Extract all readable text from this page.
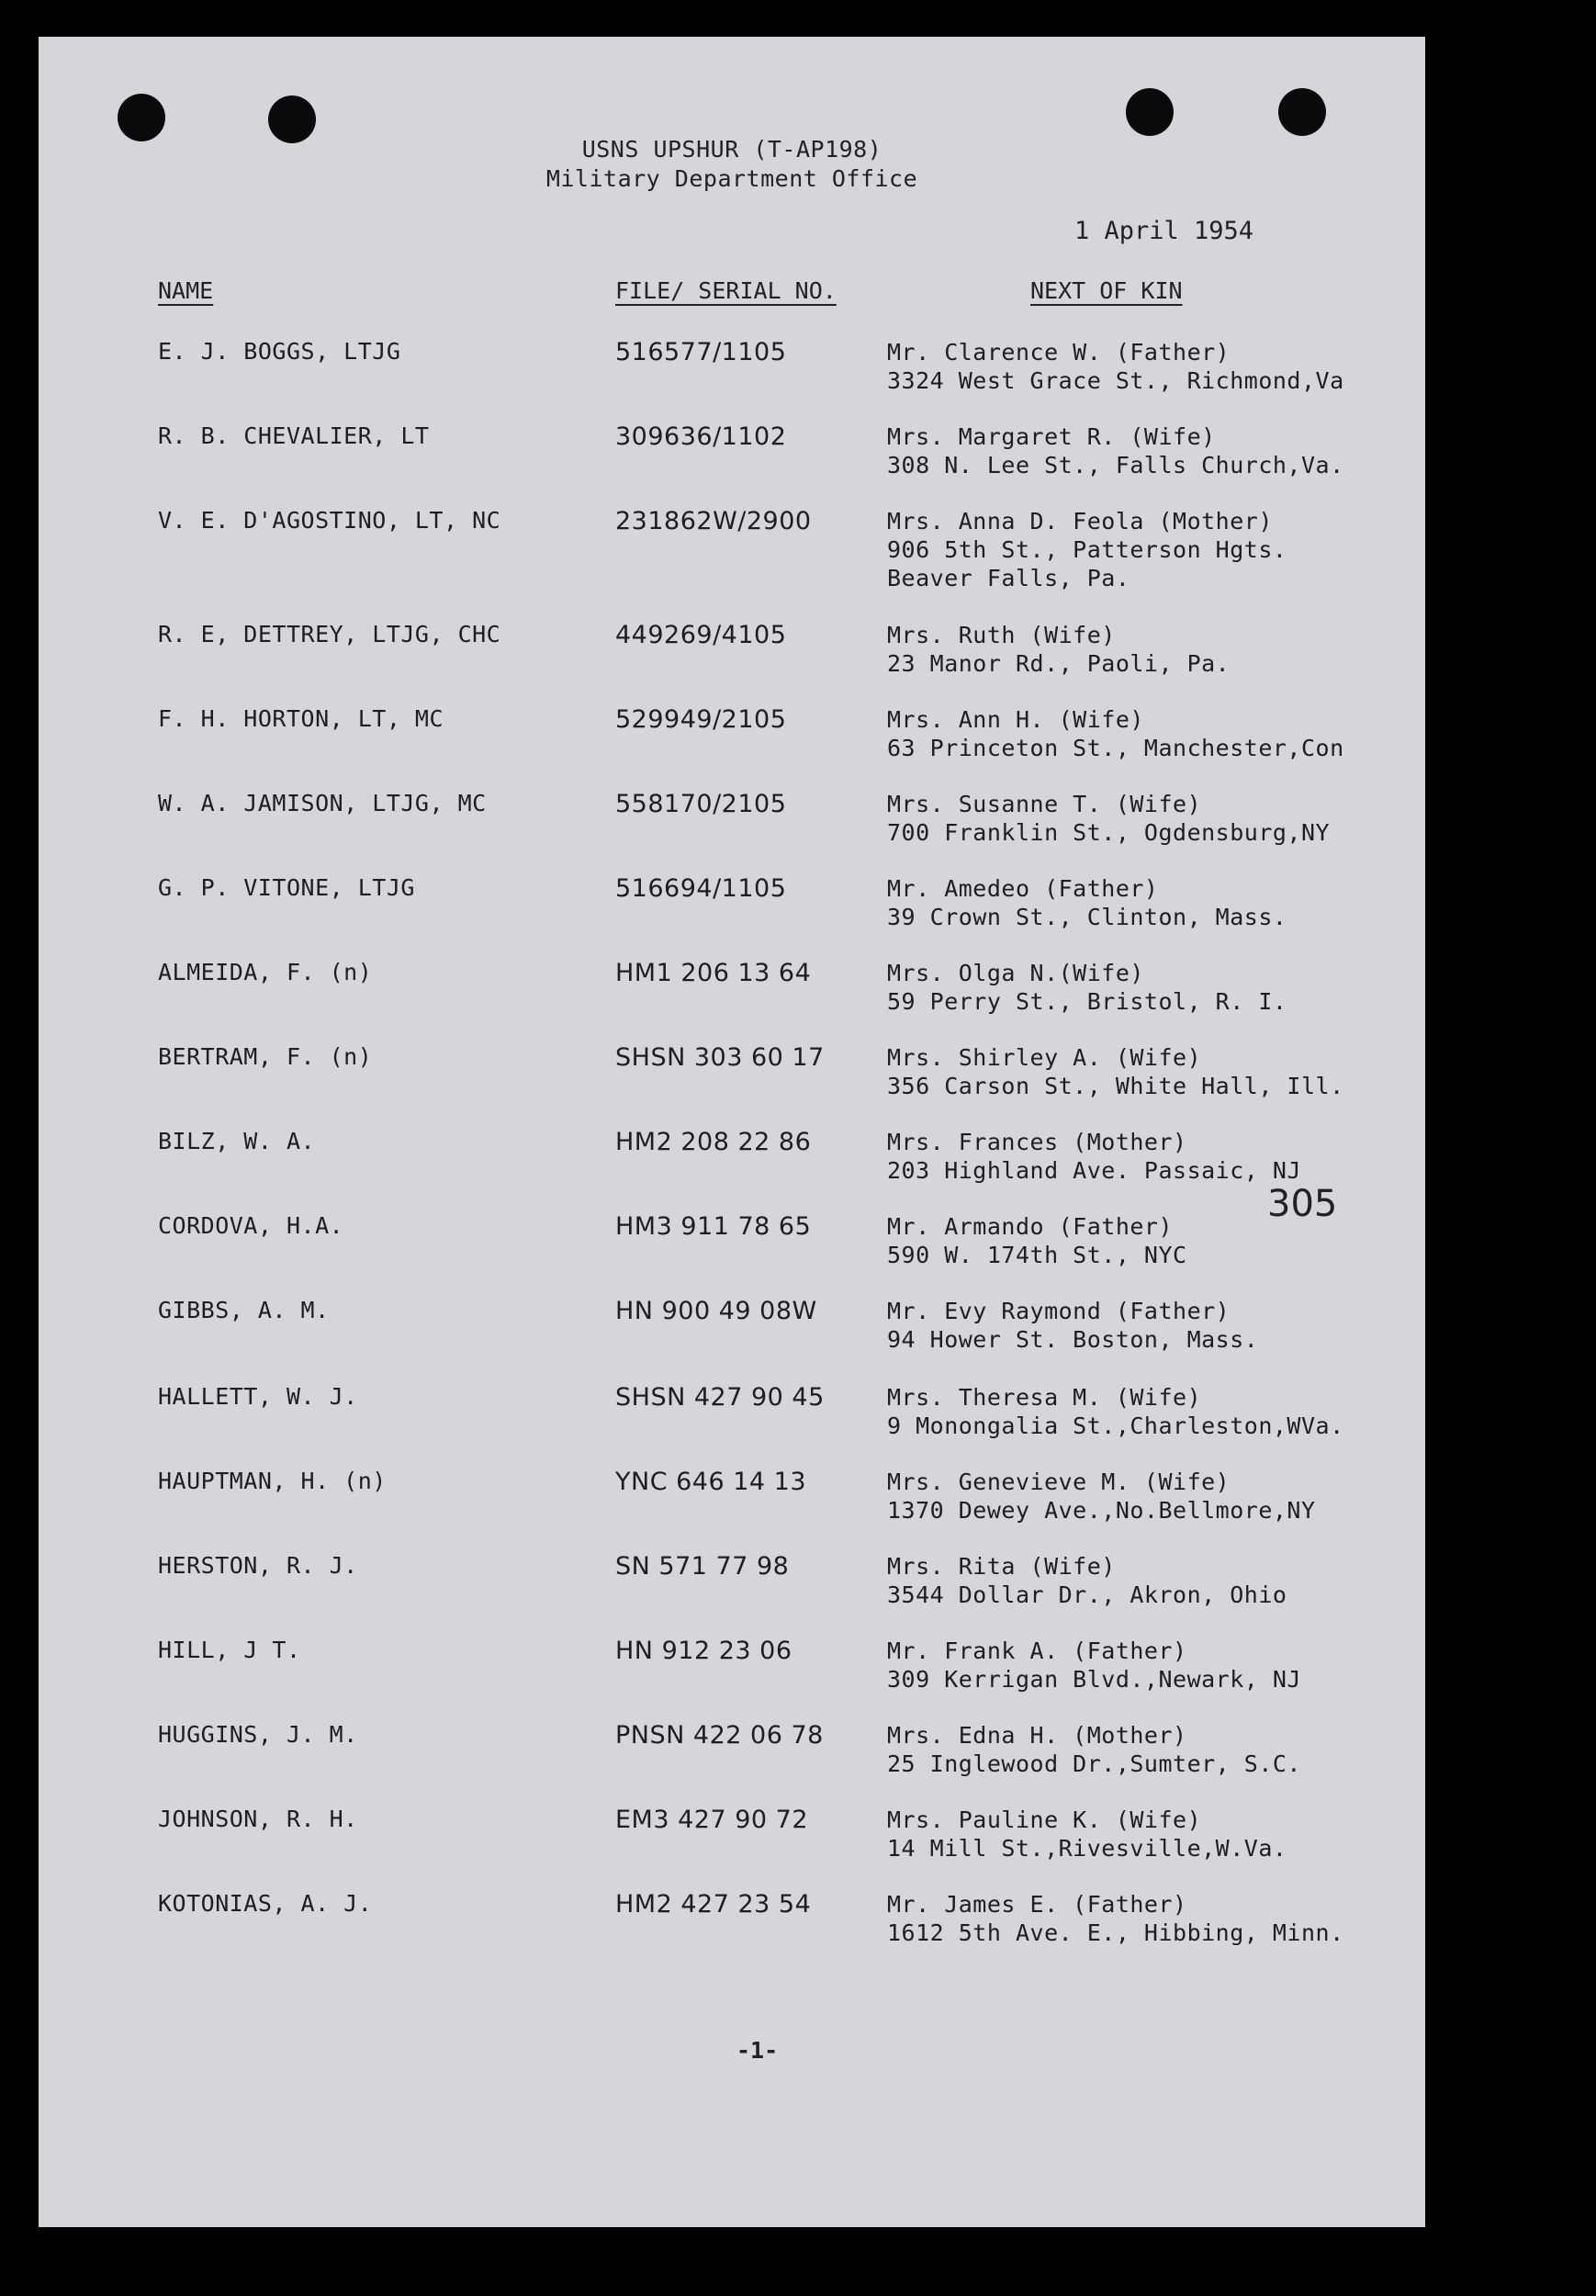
USNS UPSHUR (T-AP198)
Military Department Office
1 April 1954
NAME	FILE/ SERIAL NO.	NEXT OF KIN
E. J. BOGGS, LTJG	516577/1105	Mr. Clarence W. (Father)
3324 West Grace St., Richmond,Va
R. B. CHEVALIER, LT	309636/1102	Mrs. Margaret R. (Wife)
308 N. Lee St., Falls Church,Va.
V. E. D'AGOSTINO, LT, NC	231862W/2900	Mrs. Anna D. Feola (Mother)
906 5th St., Patterson Hgts.
Beaver Falls, Pa.
R. E, DETTREY, LTJG, CHC	449269/4105	Mrs. Ruth (Wife)
23 Manor Rd., Paoli, Pa.
F. H. HORTON, LT, MC	529949/2105	Mrs. Ann H. (Wife)
63 Princeton St., Manchester,Con
W. A. JAMISON, LTJG, MC	558170/2105	Mrs. Susanne T. (Wife)
700 Franklin St., Ogdensburg,NY
G. P. VITONE, LTJG	516694/1105	Mr. Amedeo (Father)
39 Crown St., Clinton, Mass.
ALMEIDA, F. (n)	HM1 206 13 64	Mrs. Olga N.(Wife)
59 Perry St., Bristol, R. I.
BERTRAM, F. (n)	SHSN 303 60 17	Mrs. Shirley A. (Wife)
356 Carson St., White Hall, Ill.
BILZ, W. A.	HM2 208 22 86	Mrs. Frances (Mother)
203 Highland Ave. Passaic, NJ
CORDOVA, H.A.	HM3 911 78 65	Mr. Armando (Father)
590 W. 174th St., NYC
GIBBS, A. M.	HN 900 49 08W	Mr. Evy Raymond (Father)
94 Hower St. Boston, Mass.
HALLETT, W. J.	SHSN 427 90 45	Mrs. Theresa M. (Wife)
9 Monongalia St.,Charleston,WVa.
HAUPTMAN, H. (n)	YNC 646 14 13	Mrs. Genevieve M. (Wife)
1370 Dewey Ave.,No.Bellmore,NY
HERSTON, R. J.	SN 571 77 98	Mrs. Rita (Wife)
3544 Dollar Dr., Akron, Ohio
HILL, J T.	HN 912 23 06	Mr. Frank A. (Father)
309 Kerrigan Blvd.,Newark, NJ
HUGGINS, J. M.	PNSN 422 06 78	Mrs. Edna H. (Mother)
25 Inglewood Dr.,Sumter, S.C.
JOHNSON, R. H.	EM3 427 90 72	Mrs. Pauline K. (Wife)
14 Mill St.,Rivesville,W.Va.
KOTONIAS, A. J.	HM2 427 23 54	Mr. James E. (Father)
1612 5th Ave. E., Hibbing, Minn.
305
-1-
